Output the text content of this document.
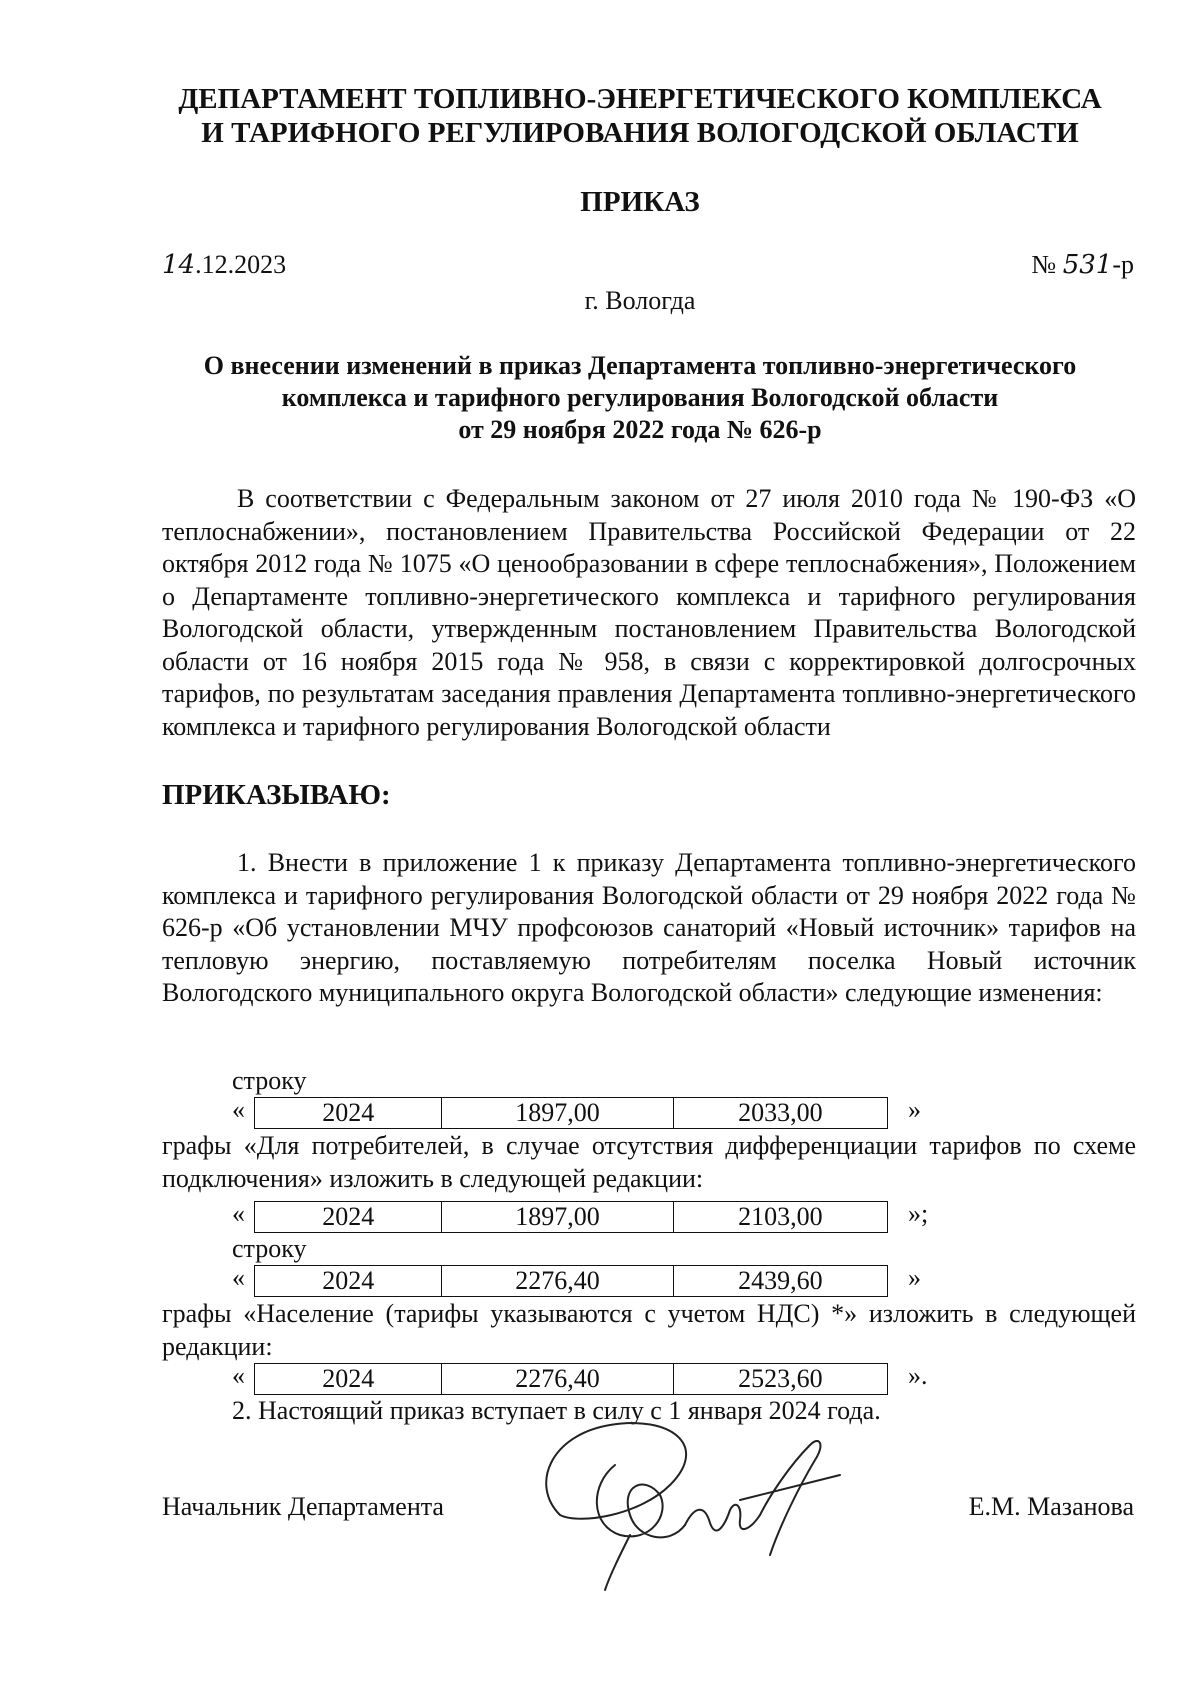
ДЕПАРТАМЕНТ ТОПЛИВНО-ЭНЕРГЕТИЧЕСКОГО КОМПЛЕКСА
И ТАРИФНОГО РЕГУЛИРОВАНИЯ ВОЛОГОДСКОЙ ОБЛАСТИ
ПРИКАЗ
14.12.2023	№ 531-р
г. Вологда
О внесении изменений в приказ Департамента топливно-энергетического
комплекса и тарифного регулирования Вологодской области
от 29 ноября 2022 года № 626-р
В соответствии с Федеральным законом от 27 июля 2010 года № 190-ФЗ «О теплоснабжении», постановлением Правительства Российской Федерации от 22 октября 2012 года № 1075 «О ценообразовании в сфере теплоснабжения», Положением о Департаменте топливно-энергетического комплекса и тарифного регулирования Вологодской области, утвержденным постановлением Правительства Вологодской области от 16 ноября 2015 года № 958, в связи с корректировкой долгосрочных тарифов, по результатам заседания правления Департамента топливно-энергетического комплекса и тарифного регулирования Вологодской области
ПРИКАЗЫВАЮ:
1. Внести в приложение 1 к приказу Департамента топливно-энергетического комплекса и тарифного регулирования Вологодской области от 29 ноября 2022 года № 626-р «Об установлении МЧУ профсоюзов санаторий «Новый источник» тарифов на тепловую энергию, поставляемую потребителям поселка Новый источник Вологодского муниципального округа Вологодской области» следующие изменения:
строку
«	2024	1897,00	2033,00	»
графы «Для потребителей, в случае отсутствия дифференциации тарифов по схеме подключения» изложить в следующей редакции:
«	2024	1897,00	2103,00	»;
строку
«	2024	2276,40	2439,60	»
графы «Население (тарифы указываются с учетом НДС) *» изложить в следующей редакции:
«	2024	2276,40	2523,60	».
2. Настоящий приказ вступает в силу с 1 января 2024 года.
Начальник Департамента	Е.М. Мазанова
